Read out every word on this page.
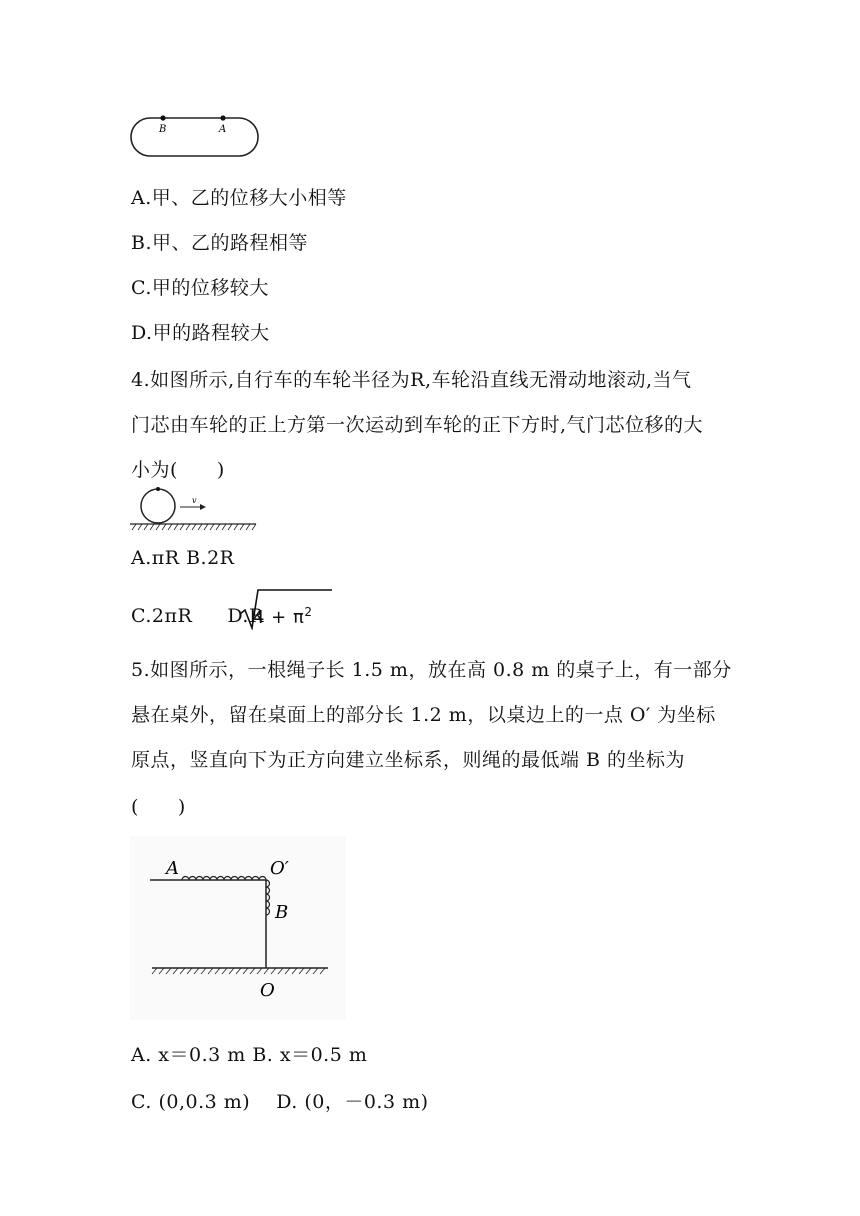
B	A
A.甲、乙的位移大小相等
B.甲、乙的路程相等
C.甲的位移较大
D.甲的路程较大
4.如图所示,自行车的车轮半径为R,车轮沿直线无滑动地滚动,当气
门芯由车轮的正上方第一次运动到车轮的正下方时,气门芯位移的大
小为(　　)
v
A.πR B.2R
C.2πR D.R
$4 + \pi^2$
5.如图所示，一根绳子长 1.5 m，放在高 0.8 m 的桌子上，有一部分
悬在桌外，留在桌面上的部分长 1.2 m，以桌边上的一点 O′ 为坐标
原点，竖直向下为正方向建立坐标系，则绳的最低端 B 的坐标为
(　　)
A	O′
B
O
A. x＝0.3 m B. x＝0.5 m
C. (0,0.3 m)　 D. (0，－0.3 m)
